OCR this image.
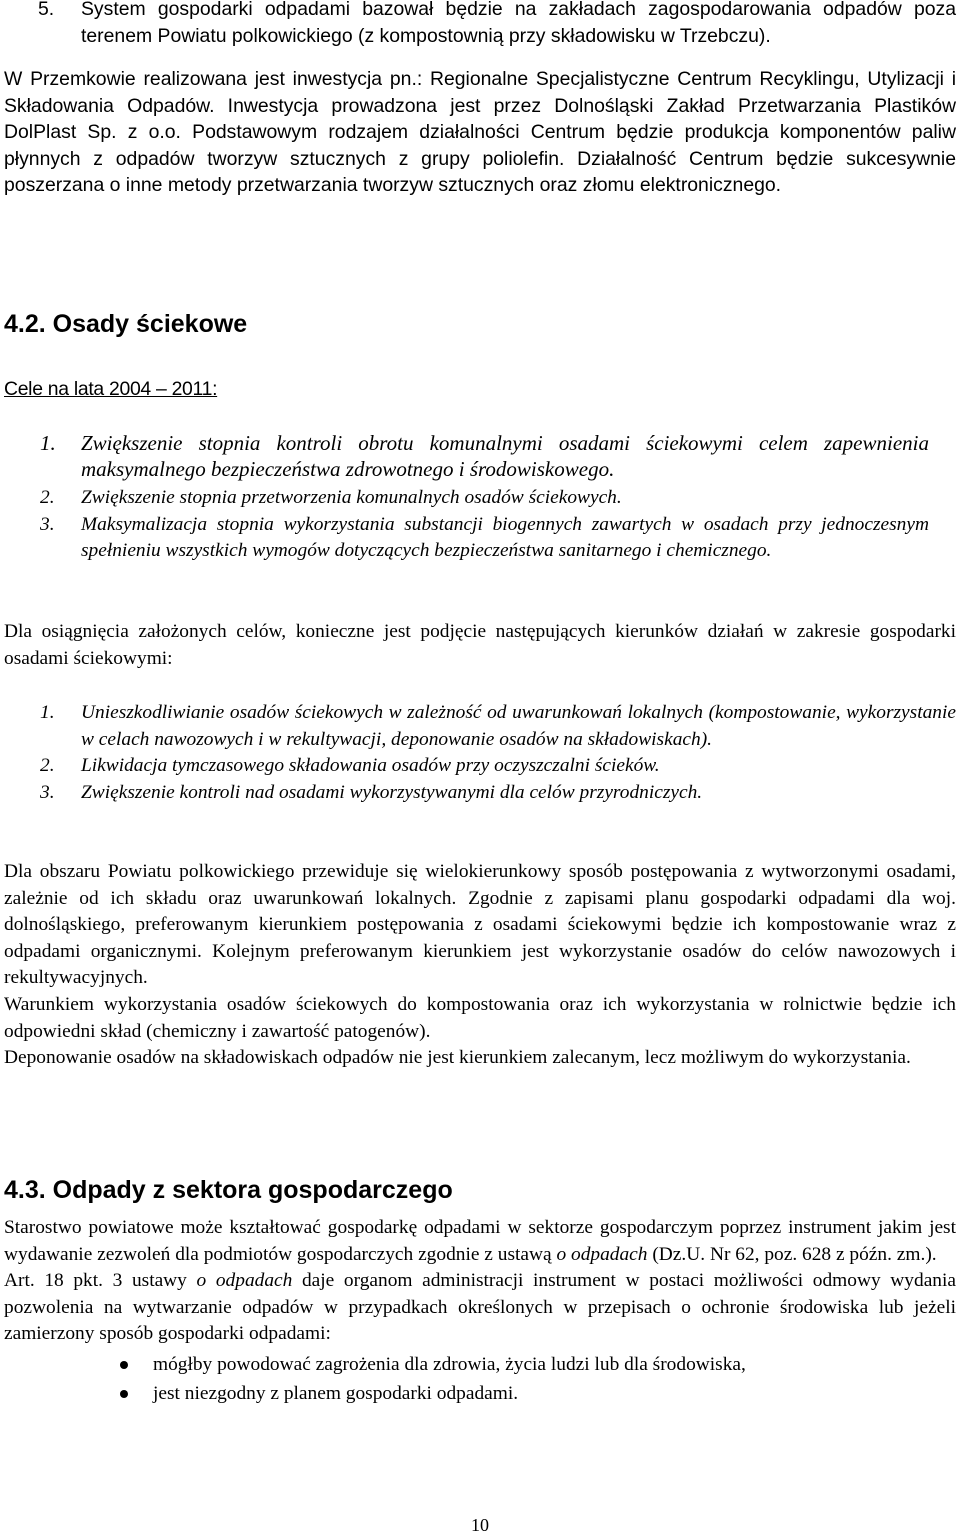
5. System gospodarki odpadami bazował będzie na zakładach zagospodarowania odpadów poza terenem Powiatu polkowickiego (z kompostownią przy składowisku w Trzebczu).

W Przemkowie realizowana jest inwestycja pn.: Regionalne Specjalistyczne Centrum Recyklingu, Utylizacji i Składowania Odpadów. Inwestycja prowadzona jest przez Dolnośląski Zakład Przetwarzania Plastików DolPlast Sp. z o.o. Podstawowym rodzajem działalności Centrum będzie produkcja komponentów paliw płynnych z odpadów tworzyw sztucznych z grupy poliolefin. Działalność Centrum będzie sukcesywnie poszerzana o inne metody przetwarzania tworzyw sztucznych oraz złomu elektronicznego.

4.2. Osady ściekowe
Cele na lata 2004 – 2011:
1. Zwiększenie stopnia kontroli obrotu komunalnymi osadami ściekowymi celem zapewnienia maksymalnego bezpieczeństwa zdrowotnego i środowiskowego.
2. Zwiększenie stopnia przetworzenia komunalnych osadów ściekowych.
3. Maksymalizacja stopnia wykorzystania substancji biogennych zawartych w osadach przy jednoczesnym spełnieniu wszystkich wymogów dotyczących bezpieczeństwa sanitarnego i chemicznego.

Dla osiągnięcia założonych celów, konieczne jest podjęcie następujących kierunków działań w zakresie gospodarki osadami ściekowymi:

1. Unieszkodliwianie osadów ściekowych w zależność od uwarunkowań lokalnych (kompostowanie, wykorzystanie w celach nawozowych i w rekultywacji, deponowanie osadów na składowiskach).
2. Likwidacja tymczasowego składowania osadów przy oczyszczalni ścieków.
3. Zwiększenie kontroli nad osadami wykorzystywanymi dla celów przyrodniczych.

Dla obszaru Powiatu polkowickiego przewiduje się wielokierunkowy sposób postępowania z wytworzonymi osadami, zależnie od ich składu oraz uwarunkowań lokalnych. Zgodnie z zapisami planu gospodarki odpadami dla woj. dolnośląskiego, preferowanym kierunkiem postępowania z osadami ściekowymi będzie ich kompostowanie wraz z odpadami organicznymi. Kolejnym preferowanym kierunkiem jest wykorzystanie osadów do celów nawozowych i rekultywacyjnych.

Warunkiem wykorzystania osadów ściekowych do kompostowania oraz ich wykorzystania w rolnictwie będzie ich odpowiedni skład (chemiczny i zawartość patogenów).

Deponowanie osadów na składowiskach odpadów nie jest kierunkiem zalecanym, lecz możliwym do wykorzystania.

4.3. Odpady z sektora gospodarczego

Starostwo powiatowe może kształtować gospodarkę odpadami w sektorze gospodarczym poprzez instrument jakim jest wydawanie zezwoleń dla podmiotów gospodarczych zgodnie z ustawą o odpadach (Dz.U. Nr 62, poz. 628 z późn. zm.).

Art. 18 pkt. 3 ustawy o odpadach daje organom administracji instrument w postaci możliwości odmowy wydania pozwolenia na wytwarzanie odpadów w przypadkach określonych w przepisach o ochronie środowiska lub jeżeli zamierzony sposób gospodarki odpadami:

mógłby powodować zagrożenia dla zdrowia, życia ludzi lub dla środowiska,
jest niezgodny z planem gospodarki odpadami.
10
